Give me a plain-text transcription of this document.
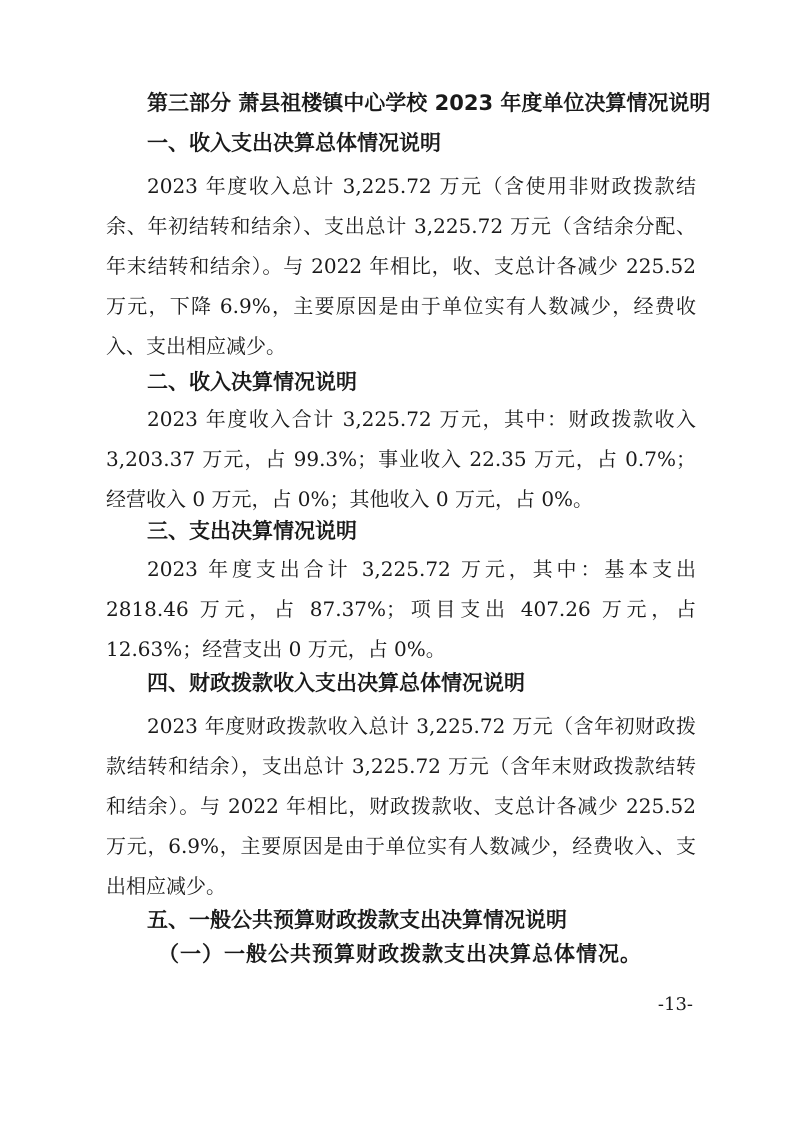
第三部分 萧县祖楼镇中心学校 2023 年度单位决算情况说明
一、收入支出决算总体情况说明
2023 年度收入总计 3,225.72 万元（含使用非财政拨款结余、年初结转和结余）、支出总计 3,225.72 万元（含结余分配、年末结转和结余）。与 2022 年相比，收、支总计各减少 225.52 万元，下降 6.9%，主要原因是由于单位实有人数减少，经费收入、支出相应减少。
二、收入决算情况说明
2023 年度收入合计 3,225.72 万元，其中：财政拨款收入 3,203.37 万元，占 99.3%；事业收入 22.35 万元，占 0.7%；经营收入 0 万元，占 0%；其他收入 0 万元，占 0%。
三、支出决算情况说明
2023 年度支出合计 3,225.72 万元，其中：基本支出 2818.46 万元，占 87.37%；项目支出 407.26 万元，占 12.63%；经营支出 0 万元，占 0%。
四、财政拨款收入支出决算总体情况说明
2023 年度财政拨款收入总计 3,225.72 万元（含年初财政拨款结转和结余），支出总计 3,225.72 万元（含年末财政拨款结转和结余）。与 2022 年相比，财政拨款收、支总计各减少 225.52 万元，6.9%，主要原因是由于单位实有人数减少，经费收入、支出相应减少。
五、一般公共预算财政拨款支出决算情况说明
（一）一般公共预算财政拨款支出决算总体情况。
-13-
